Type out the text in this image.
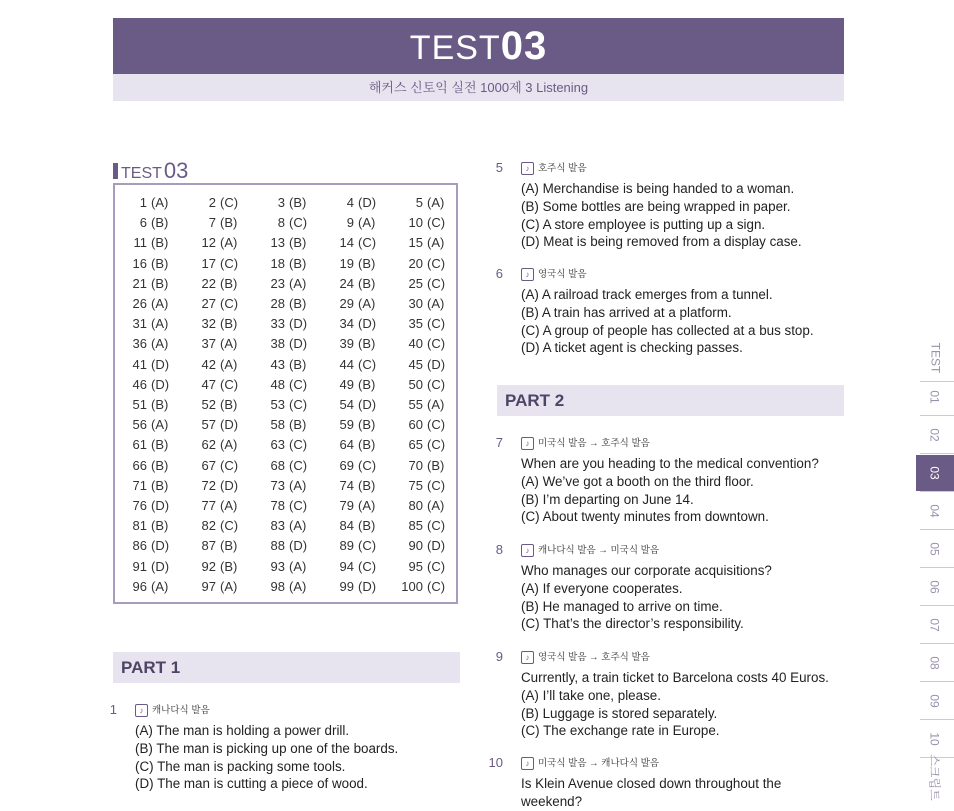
TEST03
해커스 신토익 실전 1000제 3 Listening
TEST 03
1 (A)	2 (C)	3 (B)	4 (D)	5 (A)
6 (B)	7 (B)	8 (C)	9 (A)	10 (C)
11 (B)	12 (A)	13 (B)	14 (C) 15 (A)
16 (B)	17 (C) 18 (B)	19 (B)	20 (C)
21 (B)	22 (B)	23 (A)	24 (B)	25 (C)
26 (A)	27 (C) 28 (B)	29 (A)	30 (A)
31 (A)	32 (B)	33 (D) 34 (D) 35 (C)
36 (A)	37 (A)	38 (D) 39 (B)	40 (C)
41 (D) 42 (A)	43 (B)	44 (C) 45 (D)
46 (D) 47 (C) 48 (C) 49 (B)	50 (C)
51 (B)	52 (B)	53 (C) 54 (D) 55 (A)
56 (A)	57 (D) 58 (B)	59 (B)	60 (C)
61 (B)	62 (A)	63 (C) 64 (B)	65 (C)
66 (B)	67 (C) 68 (C) 69 (C) 70 (B)
71 (B)	72 (D) 73 (A)	74 (B)	75 (C)
76 (D) 77 (A)	78 (C) 79 (A)	80 (A)
81 (B)	82 (C) 83 (A)	84 (B)	85 (C)
86 (D) 87 (B)	88 (D) 89 (C) 90 (D)
91 (D) 92 (B)	93 (A)	94 (C) 95 (C)
96 (A)	97 (A)	98 (A)	99 (D) 100 (C)
PART 1
1	♪ 캐나다식 발음
(A) The man is holding a power drill.
(B) The man is picking up one of the boards.
(C) The man is packing some tools.
(D) The man is cutting a piece of wood.
5	♪ 호주식 발음
(A) Merchandise is being handed to a woman.
(B) Some bottles are being wrapped in paper.
(C) A store employee is putting up a sign.
(D) Meat is being removed from a display case.
6	♪ 영국식 발음
(A) A railroad track emerges from a tunnel.
(B) A train has arrived at a platform.
(C) A group of people has collected at a bus stop.
(D) A ticket agent is checking passes.
PART 2
7	♪ 미국식 발음 → 호주식 발음
When are you heading to the medical convention?
(A) We’ve got a booth on the third floor.
(B) I’m departing on June 14.
(C) About twenty minutes from downtown.
8	♪ 캐나다식 발음 → 미국식 발음
Who manages our corporate acquisitions?
(A) If everyone cooperates.
(B) He managed to arrive on time.
(C) That’s the director’s responsibility.
9	♪ 영국식 발음 → 호주식 발음
Currently, a train ticket to Barcelona costs 40 Euros.
(A) I’ll take one, please.
(B) Luggage is stored separately.
(C) The exchange rate in Europe.
10	♪ 미국식 발음 → 캐나다식 발음
Is Klein Avenue closed down throughout the
weekend?
TEST
01
02
03
04
05
06
07
08
09
10
스크립트
